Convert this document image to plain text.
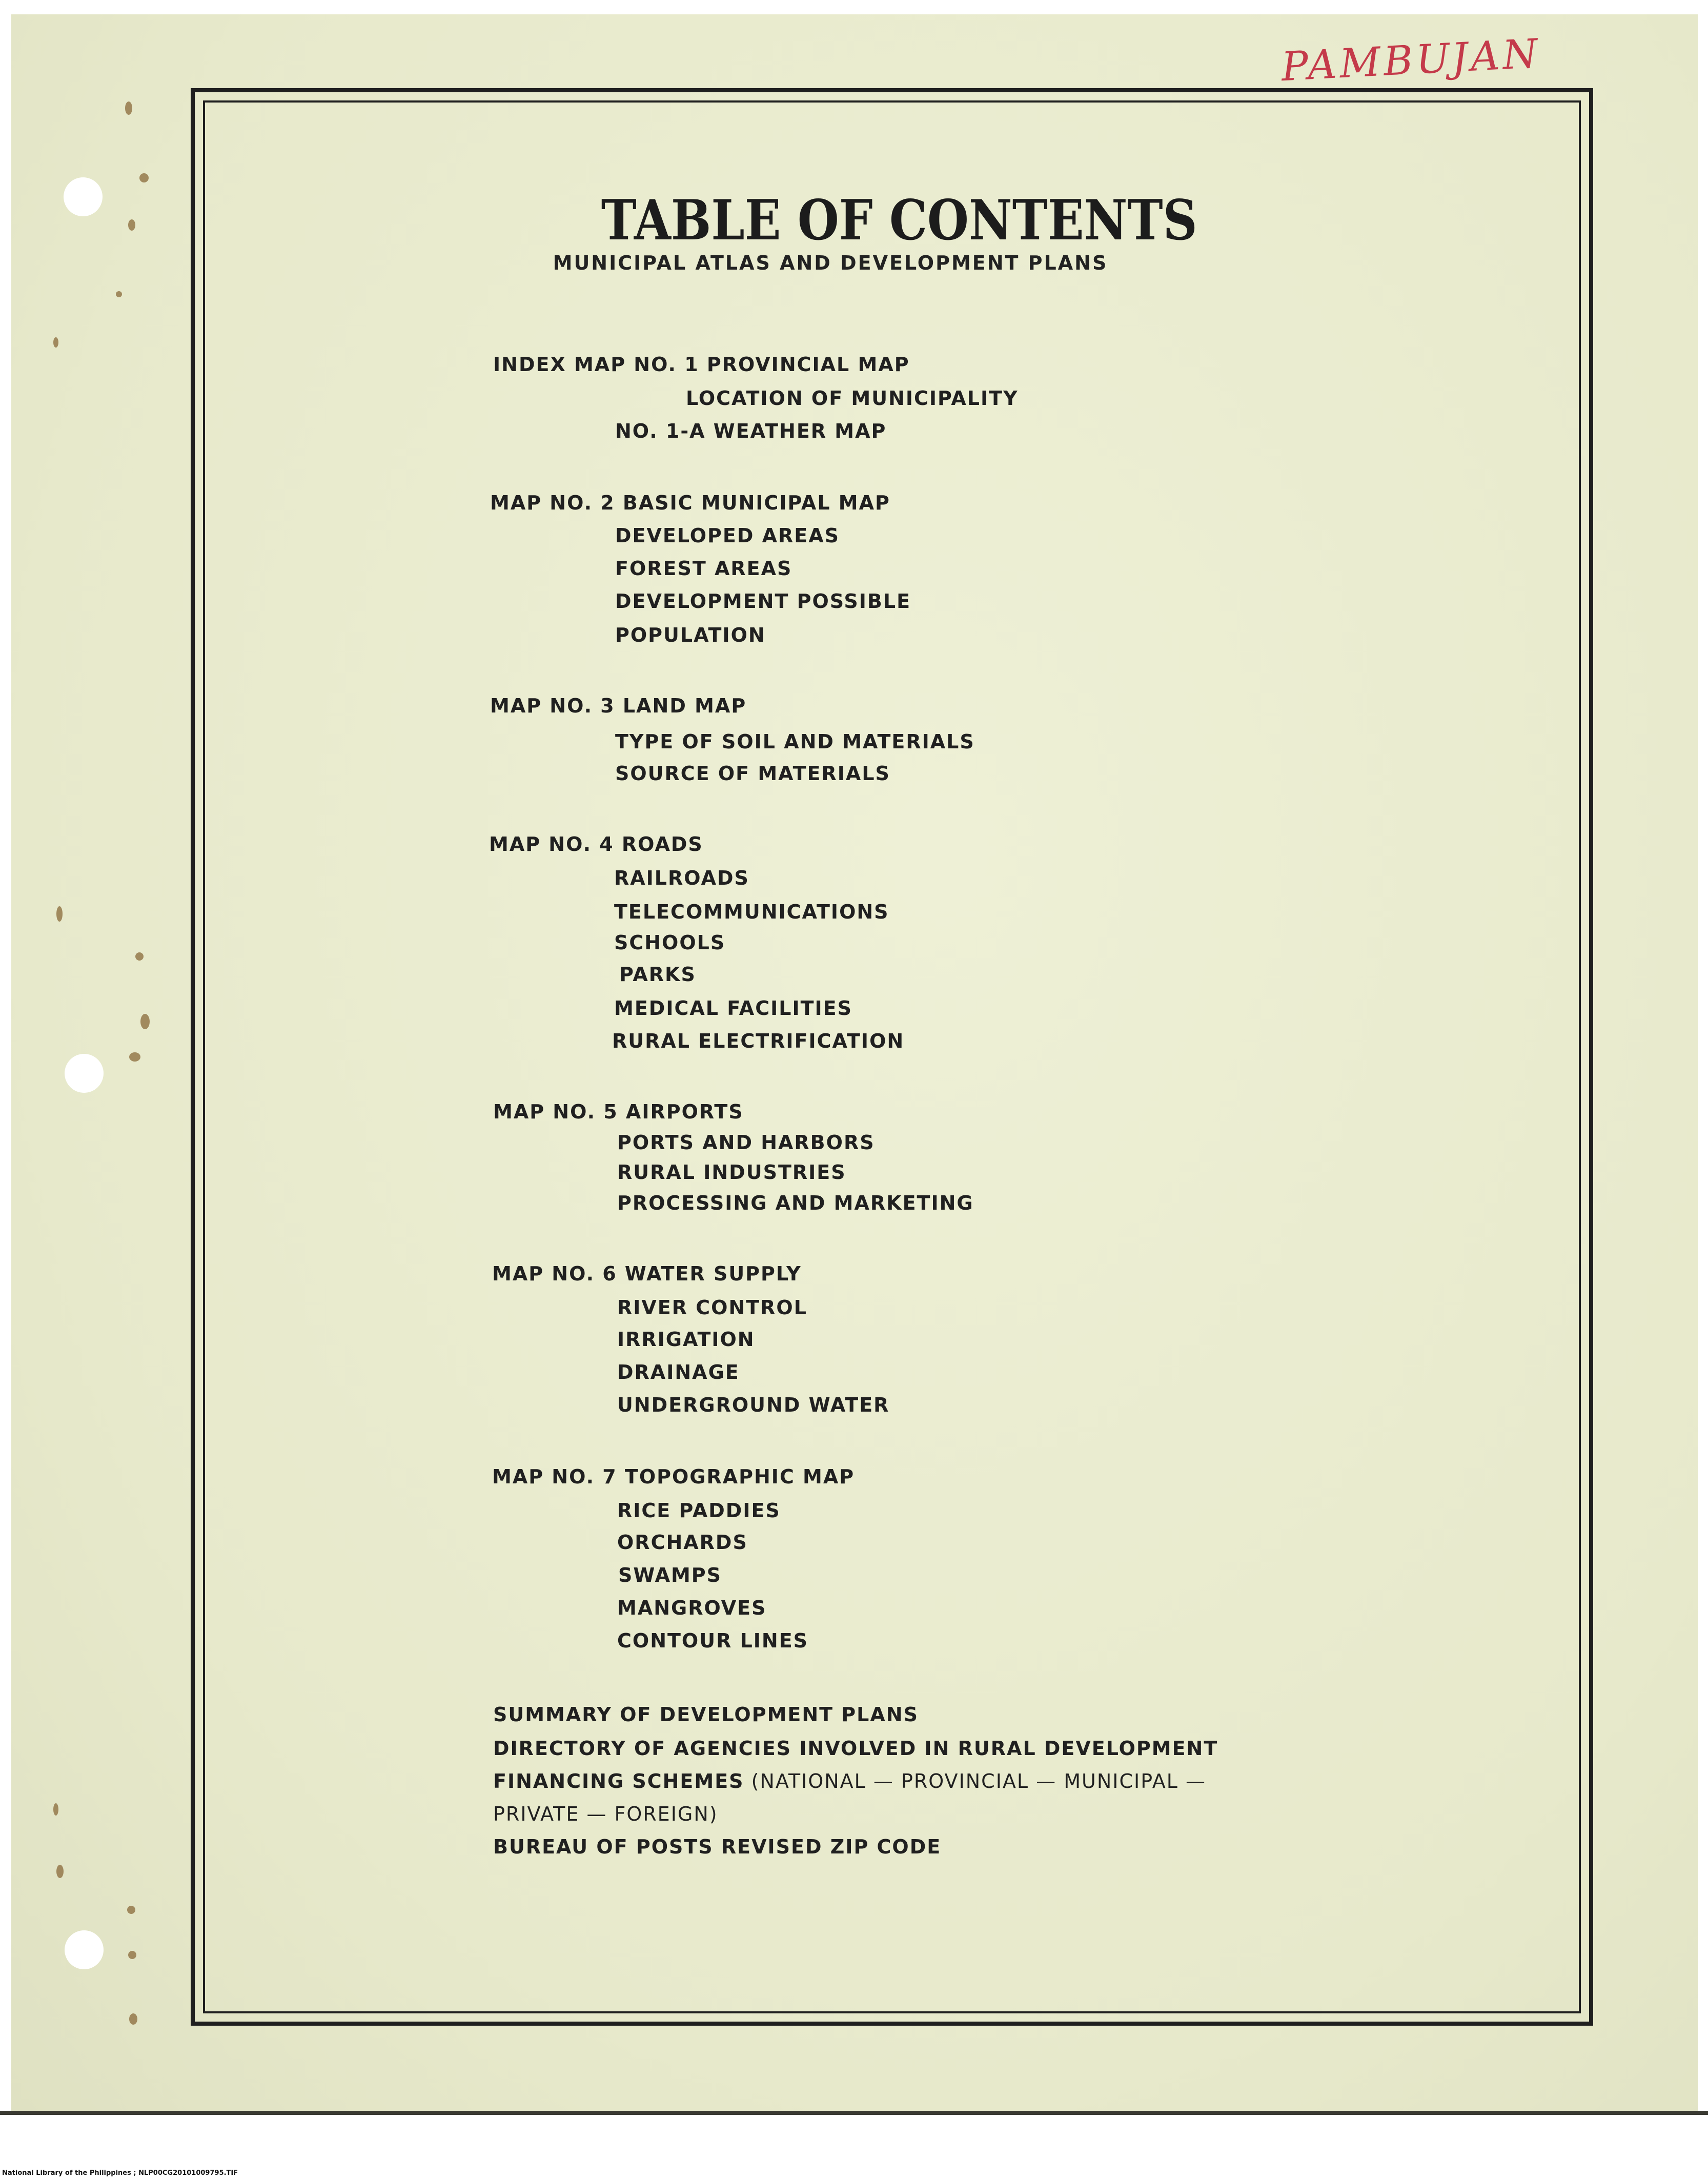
PAMBUJAN
TABLE OF CONTENTS
MUNICIPAL ATLAS AND DEVELOPMENT PLANS
INDEX MAP NO. 1 PROVINCIAL MAP
LOCATION OF MUNICIPALITY
NO. 1-A WEATHER MAP
MAP NO. 2 BASIC MUNICIPAL MAP
DEVELOPED AREAS
FOREST AREAS
DEVELOPMENT POSSIBLE
POPULATION
MAP NO. 3 LAND MAP
TYPE OF SOIL AND MATERIALS
SOURCE OF MATERIALS
MAP NO. 4 ROADS
RAILROADS
TELECOMMUNICATIONS
SCHOOLS
PARKS
MEDICAL FACILITIES
RURAL ELECTRIFICATION
MAP NO. 5 AIRPORTS
PORTS AND HARBORS
RURAL INDUSTRIES
PROCESSING AND MARKETING
MAP NO. 6 WATER SUPPLY
RIVER CONTROL
IRRIGATION
DRAINAGE
UNDERGROUND WATER
MAP NO. 7 TOPOGRAPHIC MAP
RICE PADDIES
ORCHARDS
SWAMPS
MANGROVES
CONTOUR LINES
SUMMARY OF DEVELOPMENT PLANS
DIRECTORY OF AGENCIES INVOLVED IN RURAL DEVELOPMENT
FINANCING SCHEMES (NATIONAL — PROVINCIAL — MUNICIPAL —
PRIVATE — FOREIGN)
BUREAU OF POSTS REVISED ZIP CODE
National Library of the Philippines ; NLP00CG20101009795.TIF
